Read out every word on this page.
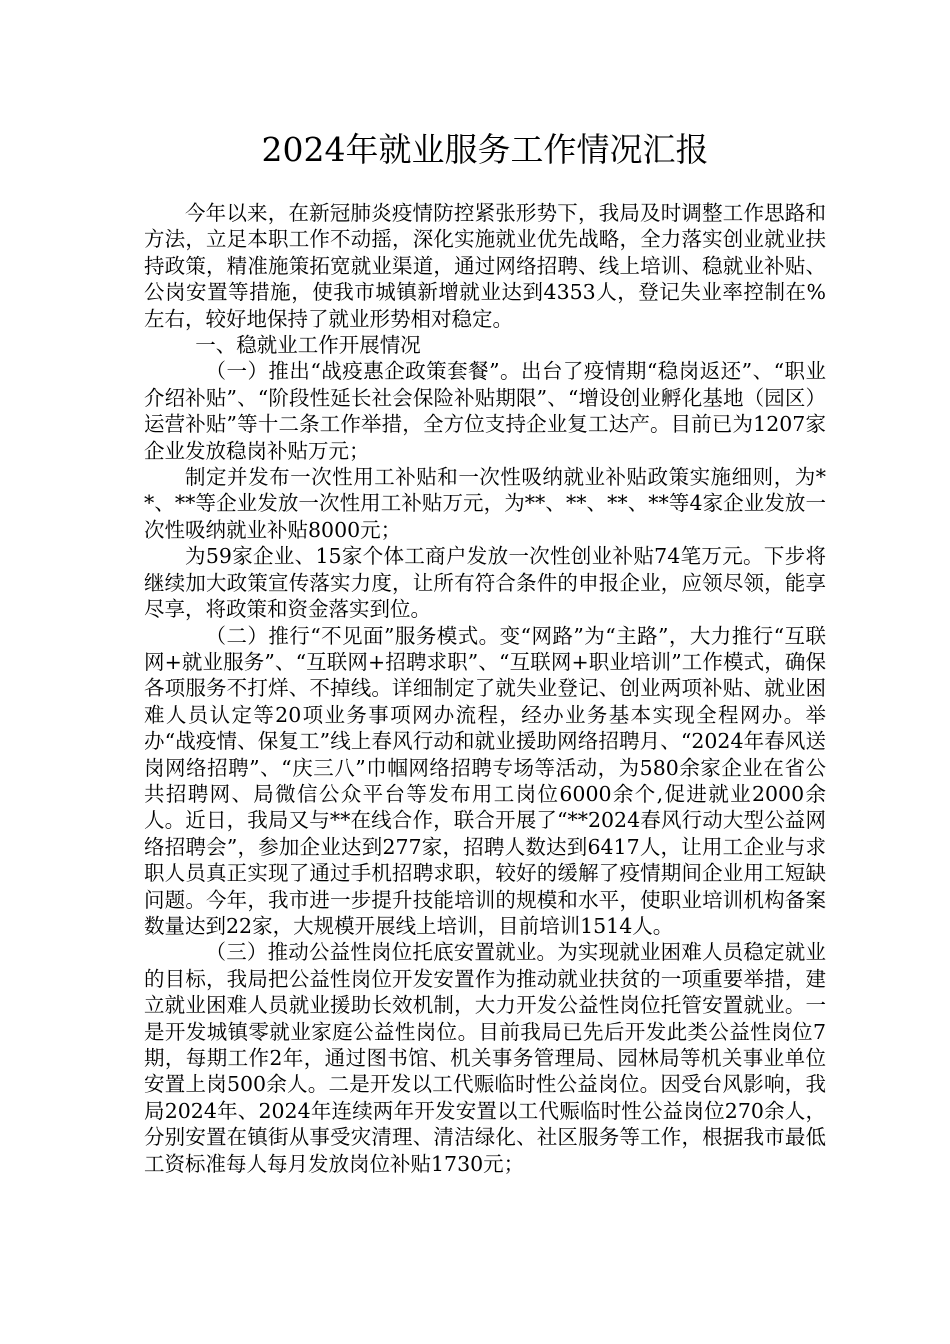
2024年就业服务工作情况汇报

今年以来，在新冠肺炎疫情防控紧张形势下，我局及时调整工作思路和方法，立足本职工作不动摇，深化实施就业优先战略，全力落实创业就业扶持政策，精准施策拓宽就业渠道，通过网络招聘、线上培训、稳就业补贴、公岗安置等措施，使我市城镇新增就业达到4353人，登记失业率控制在%左右，较好地保持了就业形势相对稳定。

一、稳就业工作开展情况

（一）推出“战疫惠企政策套餐”。出台了疫情期“稳岗返还”、“职业介绍补贴”、“阶段性延长社会保险补贴期限”、“增设创业孵化基地（园区）运营补贴”等十二条工作举措，全方位支持企业复工达产。目前已为1207家企业发放稳岗补贴万元；

制定并发布一次性用工补贴和一次性吸纳就业补贴政策实施细则，为**、**等企业发放一次性用工补贴万元，为**、**、**、**等4家企业发放一次性吸纳就业补贴8000元；

为59家企业、15家个体工商户发放一次性创业补贴74笔万元。下步将继续加大政策宣传落实力度，让所有符合条件的申报企业，应领尽领，能享尽享，将政策和资金落实到位。

（二）推行“不见面”服务模式。变“网路”为“主路”，大力推行“互联网+就业服务”、“互联网+招聘求职”、“互联网+职业培训”工作模式，确保各项服务不打烊、不掉线。详细制定了就失业登记、创业两项补贴、就业困难人员认定等20项业务事项网办流程，经办业务基本实现全程网办。举办“战疫情、保复工”线上春风行动和就业援助网络招聘月、“2024年春风送岗网络招聘”、“庆三八”巾帼网络招聘专场等活动，为580余家企业在省公共招聘网、局微信公众平台等发布用工岗位6000余个,促进就业2000余人。近日，我局又与**在线合作，联合开展了“**2024春风行动大型公益网络招聘会”，参加企业达到277家，招聘人数达到6417人，让用工企业与求职人员真正实现了通过手机招聘求职，较好的缓解了疫情期间企业用工短缺问题。今年，我市进一步提升技能培训的规模和水平，使职业培训机构备案数量达到22家，大规模开展线上培训，目前培训1514人。

（三）推动公益性岗位托底安置就业。为实现就业困难人员稳定就业的目标，我局把公益性岗位开发安置作为推动就业扶贫的一项重要举措，建立就业困难人员就业援助长效机制，大力开发公益性岗位托管安置就业。一是开发城镇零就业家庭公益性岗位。目前我局已先后开发此类公益性岗位7期，每期工作2年，通过图书馆、机关事务管理局、园林局等机关事业单位安置上岗500余人。二是开发以工代赈临时性公益岗位。因受台风影响，我局2024年、2024年连续两年开发安置以工代赈临时性公益岗位270余人，分别安置在镇街从事受灾清理、清洁绿化、社区服务等工作，根据我市最低工资标准每人每月发放岗位补贴1730元；
